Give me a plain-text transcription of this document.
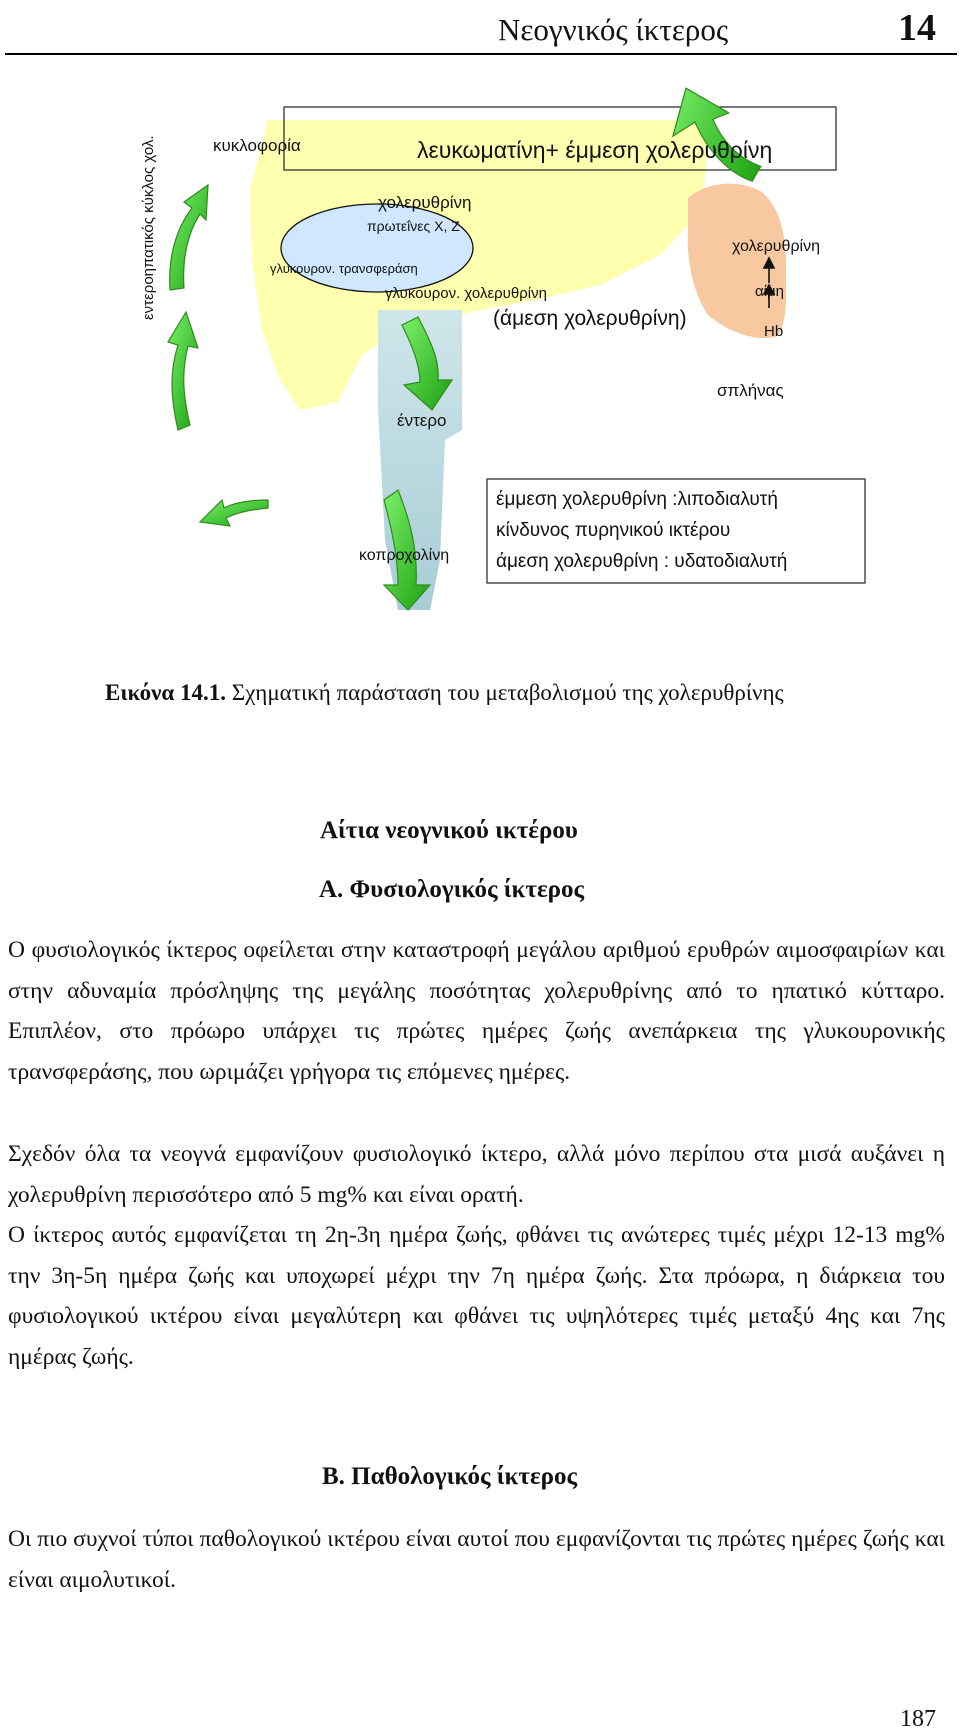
Νεογνικός ίκτερος	14
κυκλοφορία	λευκωματίνη+ έμμεση χολερυθρίνη
εντεροηπατικός κύκλος χολ.	χολερυθρίνη
πρωτεΐνες X, Z
γλυκουρον. τρανσφεράση
γλυκουρον. χολερυθρίνη
(άμεση χολερυθρίνη)
έντερο
σπλήνας
χολερυθρίνη
αίμη
Hb
κοπροχολίνη
έμμεση χολερυθρίνη :λιποδιαλυτή
κίνδυνος πυρηνικού ικτέρου
άμεση χολερυθρίνη : υδατοδιαλυτή
Εικόνα 14.1. Σχηματική παράσταση του μεταβολισμού της χολερυθρίνης
Αίτια νεογνικού ικτέρου
A. Φυσιολογικός ίκτερος
Ο φυσιολογικός ίκτερος οφείλεται στην καταστροφή μεγάλου αριθμού ερυθρών αιμοσφαιρίων και στην αδυναμία πρόσληψης της μεγάλης ποσότητας χολερυθρίνης από το ηπατικό κύτταρο. Επιπλέον, στο πρόωρο υπάρχει τις πρώτες ημέρες ζωής ανεπάρκεια της γλυκουρονικής τρανσφεράσης, που ωριμάζει γρήγορα τις επόμενες ημέρες.
Σχεδόν όλα τα νεογνά εμφανίζουν φυσιολογικό ίκτερο, αλλά μόνο περίπου στα μισά αυξάνει η χολερυθρίνη περισσότερο από 5 mg% και είναι ορατή.
Ο ίκτερος αυτός εμφανίζεται τη 2η-3η ημέρα ζωής, φθάνει τις ανώτερες τιμές μέχρι 12-13 mg% την 3η-5η ημέρα ζωής και υποχωρεί μέχρι την 7η ημέρα ζωής. Στα πρόωρα, η διάρκεια του φυσιολογικού ικτέρου είναι μεγαλύτερη και φθάνει τις υψηλότερες τιμές μεταξύ 4ης και 7ης ημέρας ζωής.
B. Παθολογικός ίκτερος
Οι πιο συχνοί τύποι παθολογικού ικτέρου είναι αυτοί που εμφανίζονται τις πρώτες ημέρες ζωής και είναι αιμολυτικοί.
187
